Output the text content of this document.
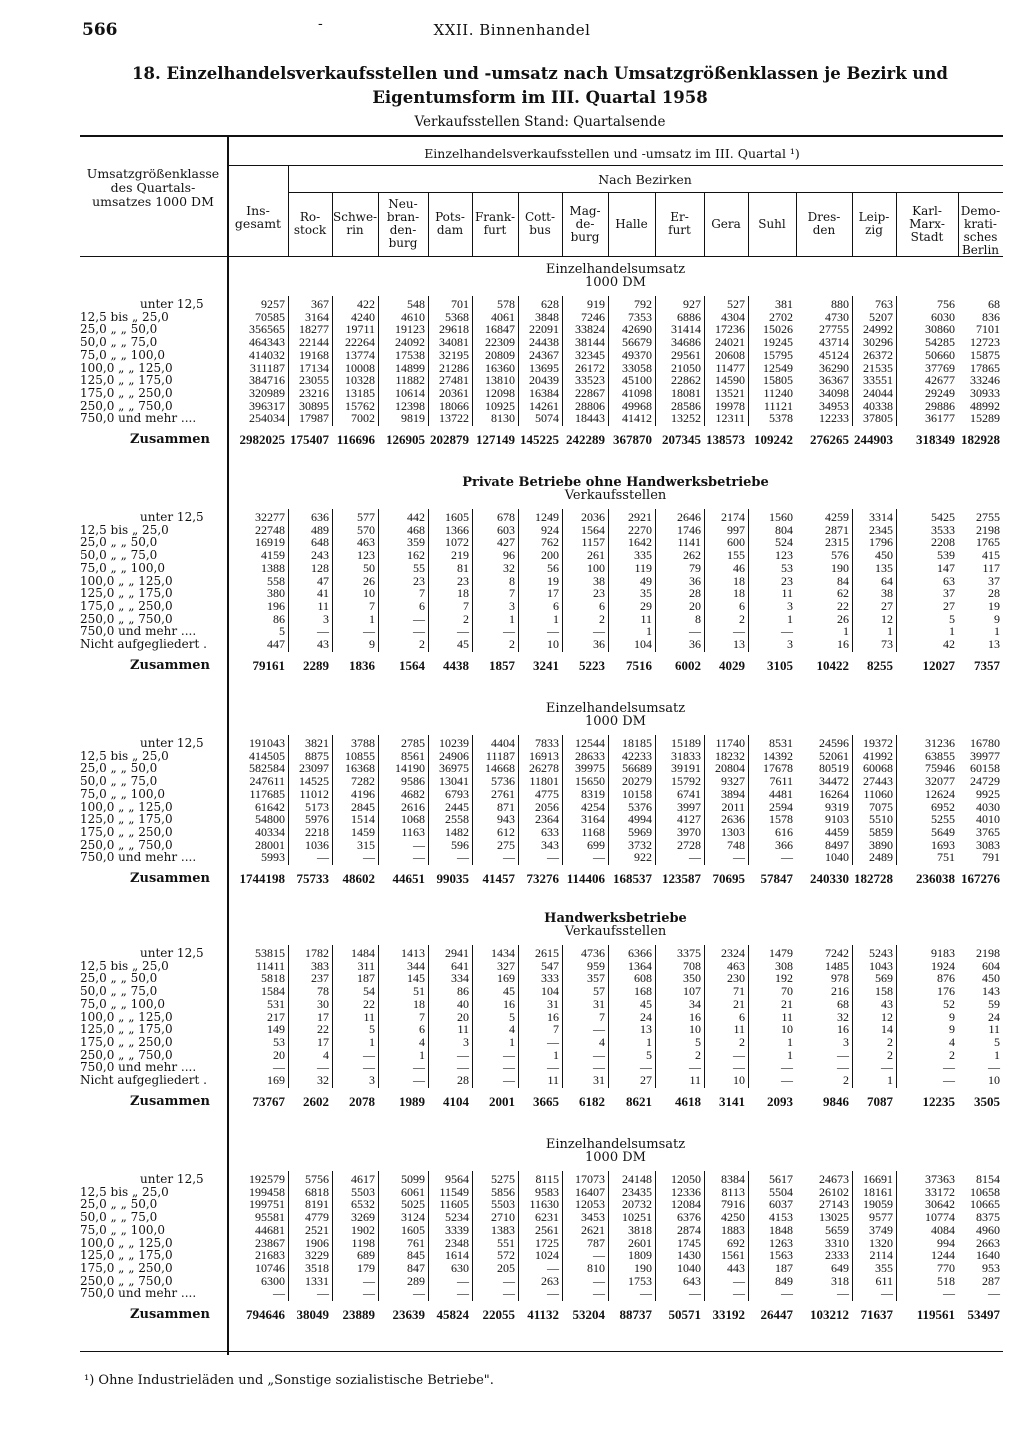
566	-	XXII. Binnenhandel
18. Einzelhandelsverkaufsstellen und -umsatz nach Umsatzgrößenklassen je Bezirk und
Eigentumsform im III. Quartal 1958
Verkaufsstellen Stand: Quartalsende
Umsatzgrößenklasse des Quartals-umsatzes 1000 DM
Einzelhandelsverkaufsstellen und -umsatz im III. Quartal ¹)
Nach Bezirken
Ins-
gesamt	Ro-
stock
Schwe-
rin
Neu-
bran-
den-
burg
Pots-
dam
Frank-
furt
Cott-
bus
Mag-
de-
burg
Halle	Er-
furt	Gera	Suhl	Dres-
den
Leip-
zig
Karl-
Marx-
Stadt
Demo-
krati-
sches Berlin
Einzelhandelsumsatz
1000 DM
unter 12,5	9257	367	422	548	701	578	628	919	792	927	527	381	880	763	756	68
12,5 bis „ 25,0	70585	3164	4240	4610	5368	4061	3848	7246	7353	6886	4304	2702	4730	5207	6030	836
25,0 „ „ 50,0	356565	18277	19711	19123	29618	16847	22091	33824	42690	31414	17236	15026	27755	24992	30860	7101
50,0 „ „ 75,0	464343	22144	22264	24092	34081	22309	24438	38144	56679	34686	24021	19245	43714	30296	54285	12723
75,0 „ „ 100,0	414032	19168	13774	17538	32195	20809	24367	32345	49370	29561	20608	15795	45124	26372	50660	15875
100,0 „ „ 125,0	311187	17134	10008	14899	21286	16360	13695	26172	33058	21050	11477	12549	36290	21535	37769	17865
125,0 „ „ 175,0	384716	23055	10328	11882	27481	13810	20439	33523	45100	22862	14590	15805	36367	33551	42677	33246
175,0 „ „ 250,0	320989	23216	13185	10614	20361	12098	16384	22867	41098	18081	13521	11240	34098	24044	29249	30933
250,0 „ „ 750,0	396317	30895	15762	12398	18066	10925	14261	28806	49968	28586	19978	11121	34953	40338	29886	48992
750,0 und mehr ....	254034	17987	7002	9819	13722	8130	5074	18443	41412	13252	12311	5378	12233	37805	36177	15289
Zusammen	2982025 175407 116696 126905 202879 127149 145225 242289 367870 207345 138573 109242	276265 244903	318349 182928
Private Betriebe ohne Handwerksbetriebe
Verkaufsstellen
unter 12,5	32277	636	577	442	1605	678	1249	2036	2921	2646	2174	1560	4259	3314	5425	2755
12,5 bis „ 25,0	22748	489	570	468	1366	603	924	1564	2270	1746	997	804	2871	2345	3533	2198
25,0 „ „ 50,0	16919	648	463	359	1072	427	762	1157	1642	1141	600	524	2315	1796	2208	1765
50,0 „ „ 75,0	4159	243	123	162	219	96	200	261	335	262	155	123	576	450	539	415
75,0 „ „ 100,0	1388	128	50	55	81	32	56	100	119	79	46	53	190	135	147	117
100,0 „ „ 125,0	558	47	26	23	23	8	19	38	49	36	18	23	84	64	63	37
125,0 „ „ 175,0	380	41	10	7	18	7	17	23	35	28	18	11	62	38	37	28
175,0 „ „ 250,0	196	11	7	6	7	3	6	6	29	20	6	3	22	27	27	19
250,0 „ „ 750,0	86	3	1	—	2	1	1	2	11	8	2	1	26	12	5	9
750,0 und mehr ....	5	—	—	—	—	—	—	—	1	—	—	—	1	1	1	1
Nicht aufgegliedert .	447	43	9	2	45	2	10	36	104	36	13	3	16	73	42	13
Zusammen	79161	2289	1836	1564	4438	1857	3241	5223	7516	6002	4029	3105	10422	8255	12027	7357
Einzelhandelsumsatz
1000 DM
unter 12,5	191043	3821	3788	2785	10239	4404	7833	12544	18185	15189	11740	8531	24596	19372	31236	16780
12,5 bis „ 25,0	414505	8875	10855	8561	24906	11187	16913	28633	42233	31833	18232	14392	52061	41992	63855	39977
25,0 „ „ 50,0	582584	23097	16368	14190	36975	14668	26278	39975	56689	39191	20804	17678	80519	60068	75946	60158
50,0 „ „ 75,0	247611	14525	7282	9586	13041	5736	11801	15650	20279	15792	9327	7611	34472	27443	32077	24729
75,0 „ „ 100,0	117685	11012	4196	4682	6793	2761	4775	8319	10158	6741	3894	4481	16264	11060	12624	9925
100,0 „ „ 125,0	61642	5173	2845	2616	2445	871	2056	4254	5376	3997	2011	2594	9319	7075	6952	4030
125,0 „ „ 175,0	54800	5976	1514	1068	2558	943	2364	3164	4994	4127	2636	1578	9103	5510	5255	4010
175,0 „ „ 250,0	40334	2218	1459	1163	1482	612	633	1168	5969	3970	1303	616	4459	5859	5649	3765
250,0 „ „ 750,0	28001	1036	315	—	596	275	343	699	3732	2728	748	366	8497	3890	1693	3083
750,0 und mehr ....	5993	—	—	—	—	—	—	—	922	—	—	—	1040	2489	751	791
Zusammen	1744198 75733	48602	44651 99035	41457 73276 114406 168537 123587 70695	57847	240330 182728	236038 167276
Handwerksbetriebe
Verkaufsstellen
unter 12,5	53815	1782	1484	1413	2941	1434	2615	4736	6366	3375	2324	1479	7242	5243	9183	2198
12,5 bis „ 25,0	11411	383	311	344	641	327	547	959	1364	708	463	308	1485	1043	1924	604
25,0 „ „ 50,0	5818	237	187	145	334	169	333	357	608	350	230	192	978	569	876	450
50,0 „ „ 75,0	1584	78	54	51	86	45	104	57	168	107	71	70	216	158	176	143
75,0 „ „ 100,0	531	30	22	18	40	16	31	31	45	34	21	21	68	43	52	59
100,0 „ „ 125,0	217	17	11	7	20	5	16	7	24	16	6	11	32	12	9	24
125,0 „ „ 175,0	149	22	5	6	11	4	7	—	13	10	11	10	16	14	9	11
175,0 „ „ 250,0	53	17	1	4	3	1	—	4	1	5	2	1	3	2	4	5
250,0 „ „ 750,0	20	4	—	1	—	—	1	—	5	2	—	1	—	2	2	1
750,0 und mehr ....	—	—	—	—	—	—	—	—	—	—	—	—	—	—	—	—
Nicht aufgegliedert .	169	32	3	—	28	—	11	31	27	11	10	—	2	1	—	10
Zusammen	73767	2602	2078	1989	4104	2001	3665	6182	8621	4618	3141	2093	9846	7087	12235	3505
Einzelhandelsumsatz
1000 DM
unter 12,5	192579	5756	4617	5099	9564	5275	8115	17073	24148	12050	8384	5617	24673	16691	37363	8154
12,5 bis „ 25,0	199458	6818	5503	6061	11549	5856	9583	16407	23435	12336	8113	5504	26102	18161	33172	10658
25,0 „ „ 50,0	199751	8191	6532	5025	11605	5503	11630	12053	20732	12084	7916	6037	27143	19059	30642	10665
50,0 „ „ 75,0	95581	4779	3269	3124	5234	2710	6231	3453	10251	6376	4250	4153	13025	9577	10774	8375
75,0 „ „ 100,0	44681	2521	1902	1605	3339	1383	2561	2621	3818	2874	1883	1848	5659	3749	4084	4960
100,0 „ „ 125,0	23867	1906	1198	761	2348	551	1725	787	2601	1745	692	1263	3310	1320	994	2663
125,0 „ „ 175,0	21683	3229	689	845	1614	572	1024	—	1809	1430	1561	1563	2333	2114	1244	1640
175,0 „ „ 250,0	10746	3518	179	847	630	205	—	810	190	1040	443	187	649	355	770	953
250,0 „ „ 750,0	6300	1331	—	289	—	—	263	—	1753	643	—	849	318	611	518	287
750,0 und mehr ....	—	—	—	—	—	—	—	—	—	—	—	—	—	—	—	—
Zusammen	794646 38049	23889	23639 45824	22055 41132	53204	88737	50571 33192	26447	103212 71637	119561 53497
¹) Ohne Industrieläden und „Sonstige sozialistische Betriebe".
